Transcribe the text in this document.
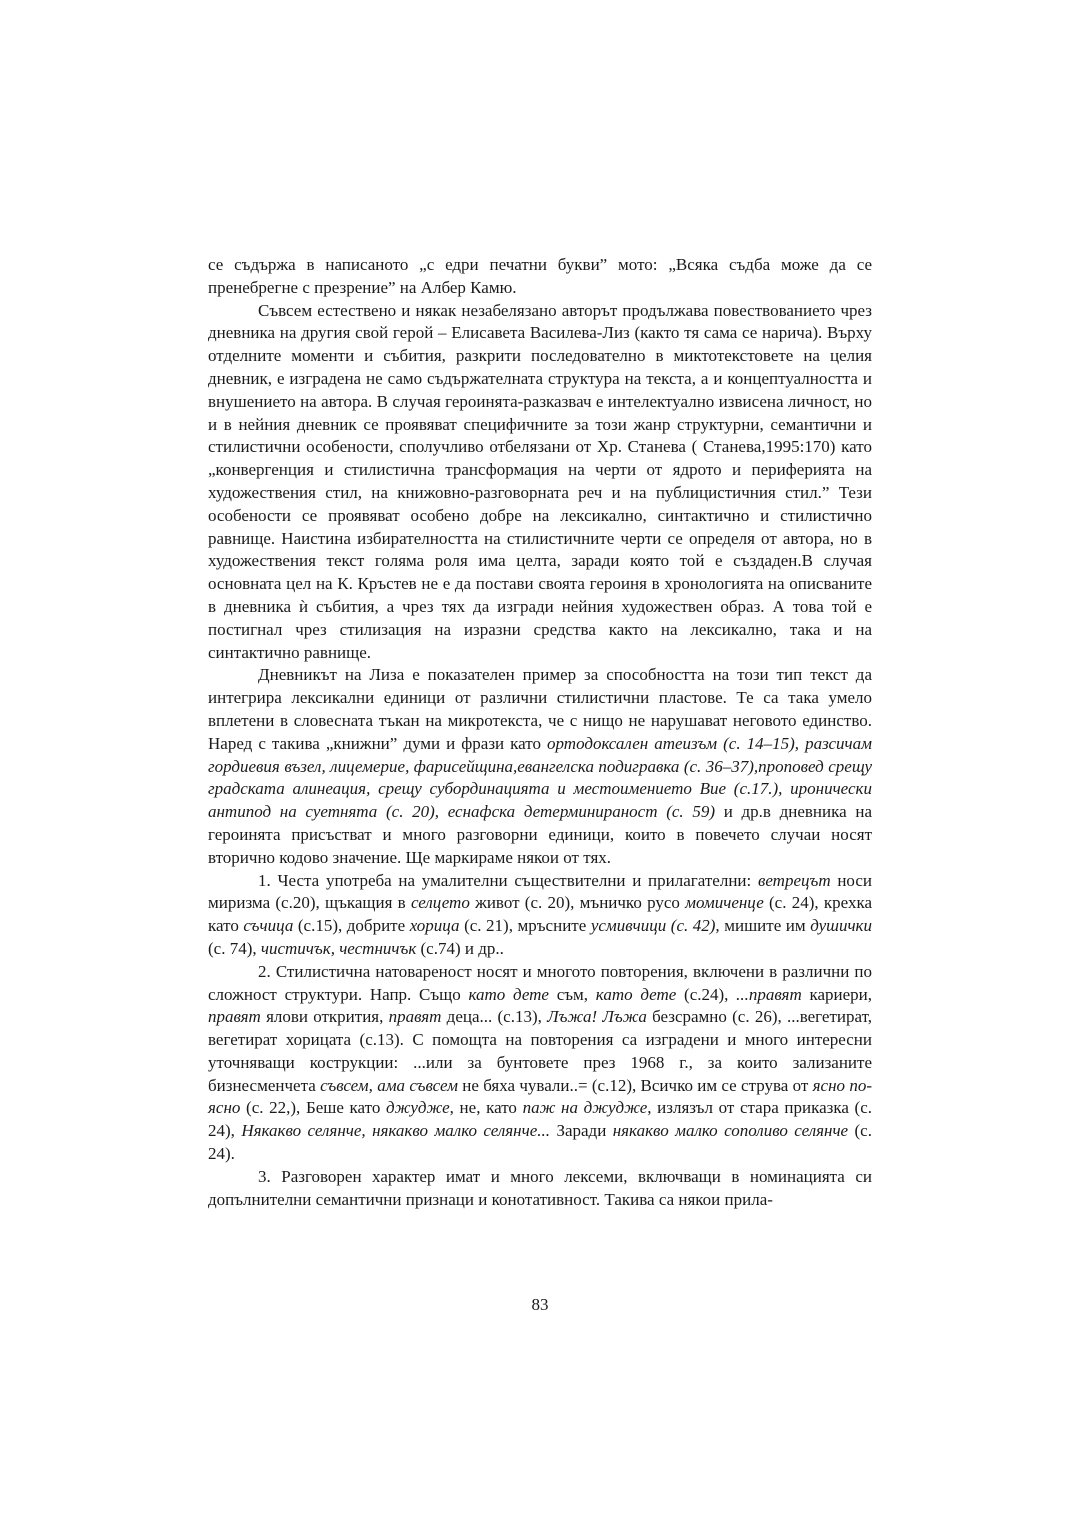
се съдържа в написаното „с едри печатни букви” мото: „Всяка съдба може да се пренебрегне с презрение” на Албер Камю.

Съвсем естествено и някак незабелязано авторът продължава повествованието чрез дневника на другия свой герой – Елисавета Василева-Лиз (както тя сама се нарича). Върху отделните моменти и събития, разкрити последователно в миктотекстовете на целия дневник, е изградена не само съдържателната структура на текста, а и концептуалността и внушението на автора. В случая героинята-разказвач е интелектуално извисена личност, но и в нейния дневник се проявяват специфичните за този жанр структурни, семантични и стилистични особености, сполучливо отбелязани от Хр. Станева ( Станева,1995:170) като „конвергенция и стилистична трансформация на черти от ядрото и периферията на художествения стил, на книжовно-разговорната реч и на публицистичния стил.” Тези особености се проявяват особено добре на лексикално, синтактично и стилистично равнище. Наистина избирателността на стилистичните черти се определя от автора, но в художествения текст голяма роля има целта, заради която той е създаден.В случая основната цел на К. Кръстев не е да постави своята героиня в хронологията на описваните в дневника ѝ събития, а чрез тях да изгради нейния художествен образ. А това той е постигнал чрез стилизация на изразни средства както на лексикално, така и на синтактично равнище.

Дневникът на Лиза е показателен пример за способността на този тип текст да интегрира лексикални единици от различни стилистични пластове. Те са така умело вплетени в словесната тъкан на микротекста, че с нищо не нарушават неговото единство. Наред с такива „книжни” думи и фрази като ортодоксален атеизъм (с. 14–15), разсичам гордиевия възел, лицемерие, фарисейщина,евангелска подигравка (с. 36–37),проповед срещу градската алинеация, срещу субординацията и местоимението Вие (с.17.), иронически антипод на суетнята (с. 20), еснафска детерминираност (с. 59) и др.в дневника на героинята присъстват и много разговорни единици, които в повечето случаи носят вторично кодово значение. Ще маркираме някои от тях.

1. Честа употреба на умалителни съществителни и прилагателни: ветрецът носи миризма (с.20), щъкащия в селцето живот (с. 20), мъничко русо момиченце (с. 24), крехка като съчица (с.15), добрите хорица (с. 21), мръсните усмивчици (с. 42), мишите им душички (с. 74), чистичък, честничък (с.74) и др..

2. Стилистична натовареност носят и многото повторения, включени в различни по сложност структури. Напр. Също като дете съм, като дете (с.24), ...правят кариери, правят ялови открития, правят деца... (с.13), Лъжа! Лъжа безсрамно (с. 26), ...вегетират, вегетират хорицата (с.13). С помощта на повторения са изградени и много интересни уточняващи кострукции: ...или за бунтовете през 1968 г., за които зализаните бизнесменчета съвсем, ама съвсем не бяха чували..= (с.12), Всичко им се струва от ясно по-ясно (с. 22,), Беше като джудже, не, като паж на джудже, излязъл от стара приказка (с. 24), Някакво селянче, някакво малко селянче... Заради някакво малко сополиво селянче (с. 24).

3. Разговорен характер имат и много лексеми, включващи в номинацията си допълнителни семантични признаци и конотативност. Такива са някои прила-

83
